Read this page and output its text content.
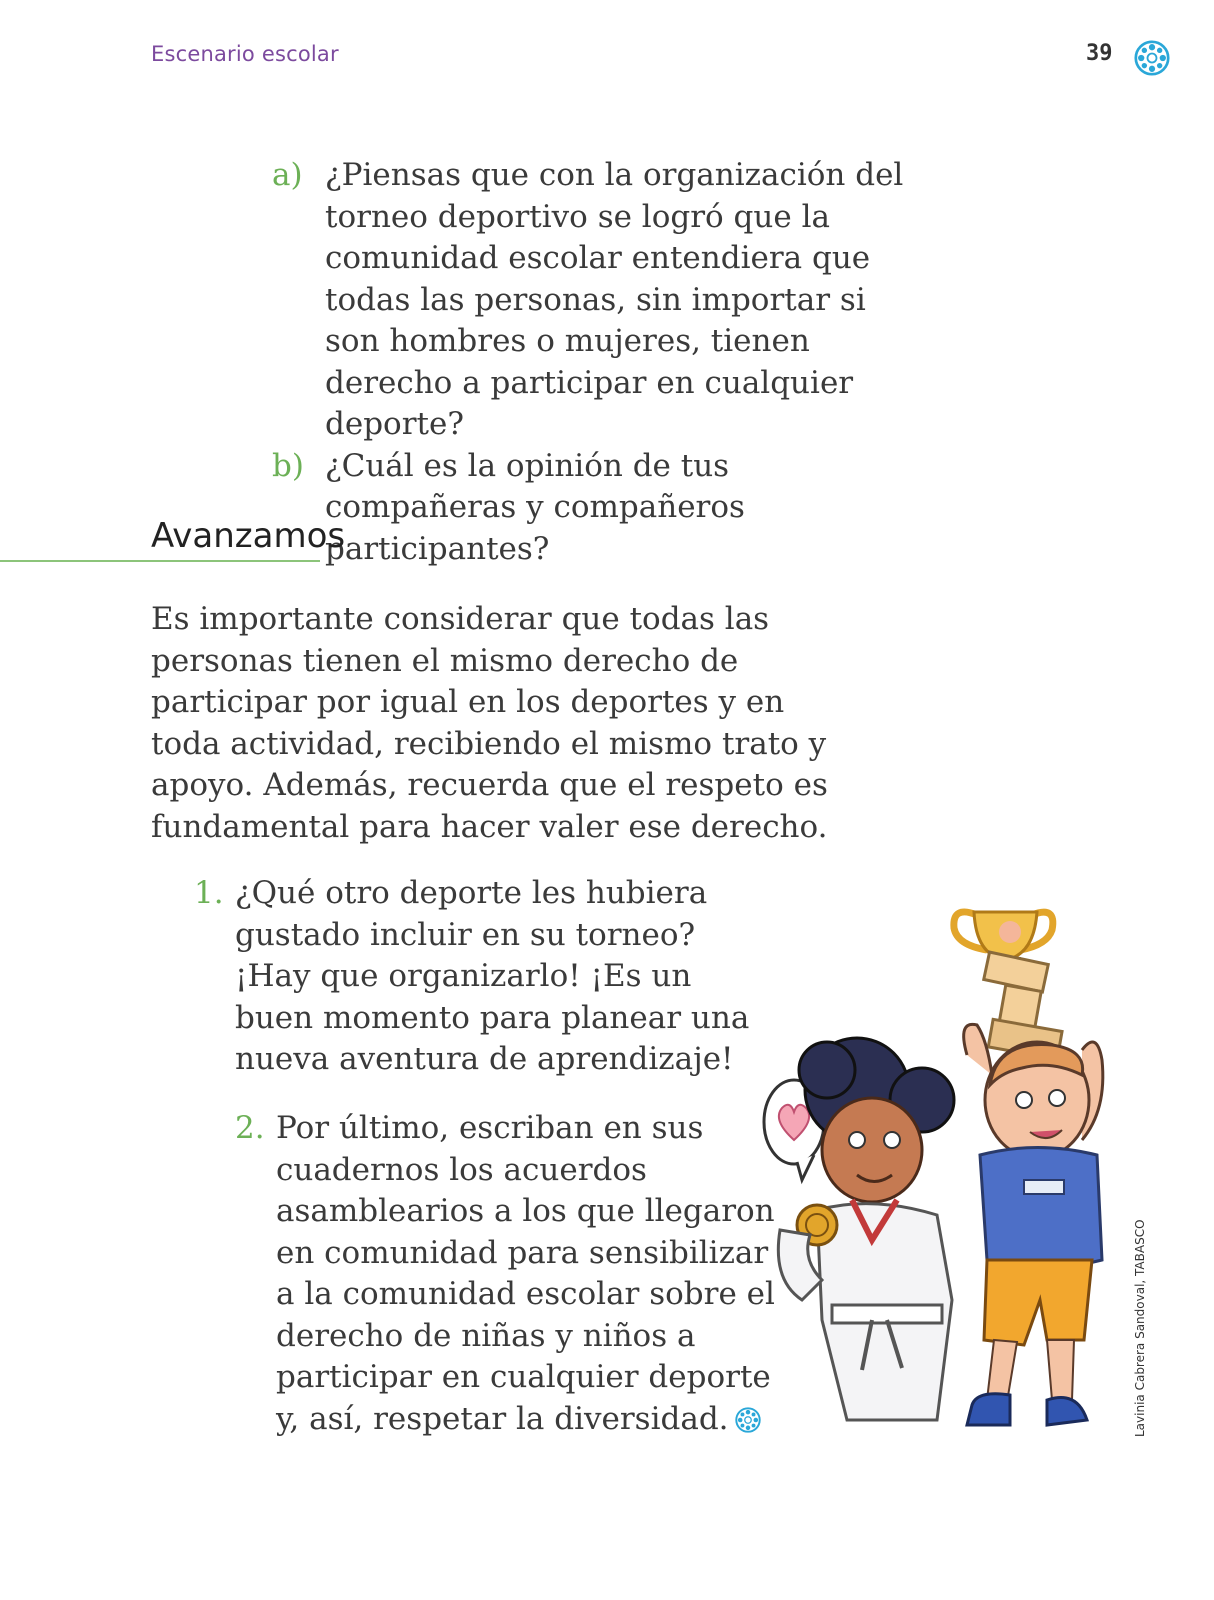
Escenario escolar	39
a) ¿Piensas que con la organización del torneo deportivo se logró que la comunidad escolar entendiera que todas las personas, sin importar si son hombres o mujeres, tienen derecho a participar en cualquier deporte?
b) ¿Cuál es la opinión de tus compañeras y compañeros participantes?
Avanzamos

Es importante considerar que todas las personas tienen el mismo derecho de participar por igual en los deportes y en toda actividad, recibiendo el mismo trato y apoyo. Además, recuerda que el respeto es fundamental para hacer valer ese derecho.

1. ¿Qué otro deporte les hubiera gustado incluir en su torneo? ¡Hay que organizarlo! ¡Es un buen momento para planear una nueva aventura de aprendizaje!
2. Por último, escriban en sus cuadernos los acuerdos asamblearios a los que llegaron en comunidad para sensibilizar a la comunidad escolar sobre el derecho de niñas y niños a participar en cualquier deporte y, así, respetar la diversidad.	Lavinia Cabrera Sandoval, TABASCO
